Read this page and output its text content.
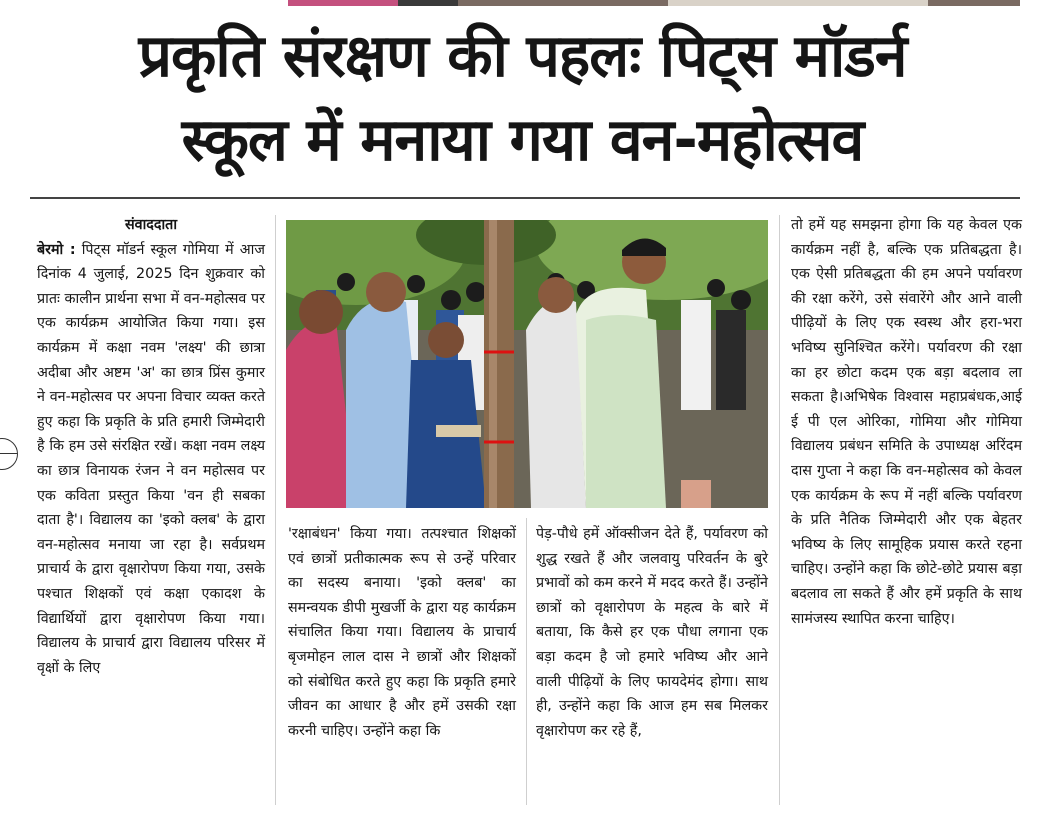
प्रकृति संरक्षण की पहलः पिट्स मॉडर्न
स्कूल में मनाया गया वन-महोत्सव

संवाददाता

बेरमो : पिट्स मॉडर्न स्कूल गोमिया में आज दिनांक 4 जुलाई, 2025 दिन शुक्रवार को प्रातः कालीन प्रार्थना सभा में वन-महोत्सव पर एक कार्यक्रम आयोजित किया गया। इस कार्यक्रम में कक्षा नवम 'लक्ष्य' की छात्रा अदीबा और अष्टम 'अ' का छात्र प्रिंस कुमार ने वन-महोत्सव पर अपना विचार व्यक्त करते हुए कहा कि प्रकृति के प्रति हमारी जिम्मेदारी है कि हम उसे संरक्षित रखें। कक्षा नवम लक्ष्य का छात्र विनायक रंजन ने वन महोत्सव पर एक कविता प्रस्तुत किया 'वन ही सबका दाता है'। विद्यालय का 'इको क्लब' के द्वारा वन-महोत्सव मनाया जा रहा है। सर्वप्रथम प्राचार्य के द्वारा वृक्षारोपण किया गया, उसके पश्चात शिक्षकों एवं कक्षा एकादश के विद्यार्थियों द्वारा वृक्षारोपण किया गया। विद्यालय के प्राचार्य द्वारा विद्यालय परिसर में वृक्षों के लिए

'रक्षाबंधन' किया गया। तत्पश्चात शिक्षकों एवं छात्रों प्रतीकात्मक रूप से उन्हें परिवार का सदस्य बनाया। 'इको क्लब' का समन्वयक डीपी मुखर्जी के द्वारा यह कार्यक्रम संचालित किया गया। विद्यालय के प्राचार्य बृजमोहन लाल दास ने छात्रों और शिक्षकों को संबोधित करते हुए कहा कि प्रकृति हमारे जीवन का आधार है और हमें उसकी रक्षा करनी चाहिए। उन्होंने कहा कि

पेड़-पौधे हमें ऑक्सीजन देते हैं, पर्यावरण को शुद्ध रखते हैं और जलवायु परिवर्तन के बुरे प्रभावों को कम करने में मदद करते हैं। उन्होंने छात्रों को वृक्षारोपण के महत्व के बारे में बताया, कि कैसे हर एक पौधा लगाना एक बड़ा कदम है जो हमारे भविष्य और आने वाली पीढ़ियों के लिए फायदेमंद होगा। साथ ही, उन्होंने कहा कि आज हम सब मिलकर वृक्षारोपण कर रहे हैं,

तो हमें यह समझना होगा कि यह केवल एक कार्यक्रम नहीं है, बल्कि एक प्रतिबद्धता है। एक ऐसी प्रतिबद्धता की हम अपने पर्यावरण की रक्षा करेंगे, उसे संवारेंगे और आने वाली पीढ़ियों के लिए एक स्वस्थ और हरा-भरा भविष्य सुनिश्चित करेंगे। पर्यावरण की रक्षा का हर छोटा कदम एक बड़ा बदलाव ला सकता है।अभिषेक विश्वास महाप्रबंधक,आई ई पी एल ओरिका, गोमिया और गोमिया विद्यालय प्रबंधन समिति के उपाध्यक्ष अरिंदम दास गुप्ता ने कहा कि वन-महोत्सव को केवल एक कार्यक्रम के रूप में नहीं बल्कि पर्यावरण के प्रति नैतिक जिम्मेदारी और एक बेहतर भविष्य के लिए सामूहिक प्रयास करते रहना चाहिए। उन्होंने कहा कि छोटे-छोटे प्रयास बड़ा बदलाव ला सकते हैं और हमें प्रकृति के साथ सामंजस्य स्थापित करना चाहिए।
